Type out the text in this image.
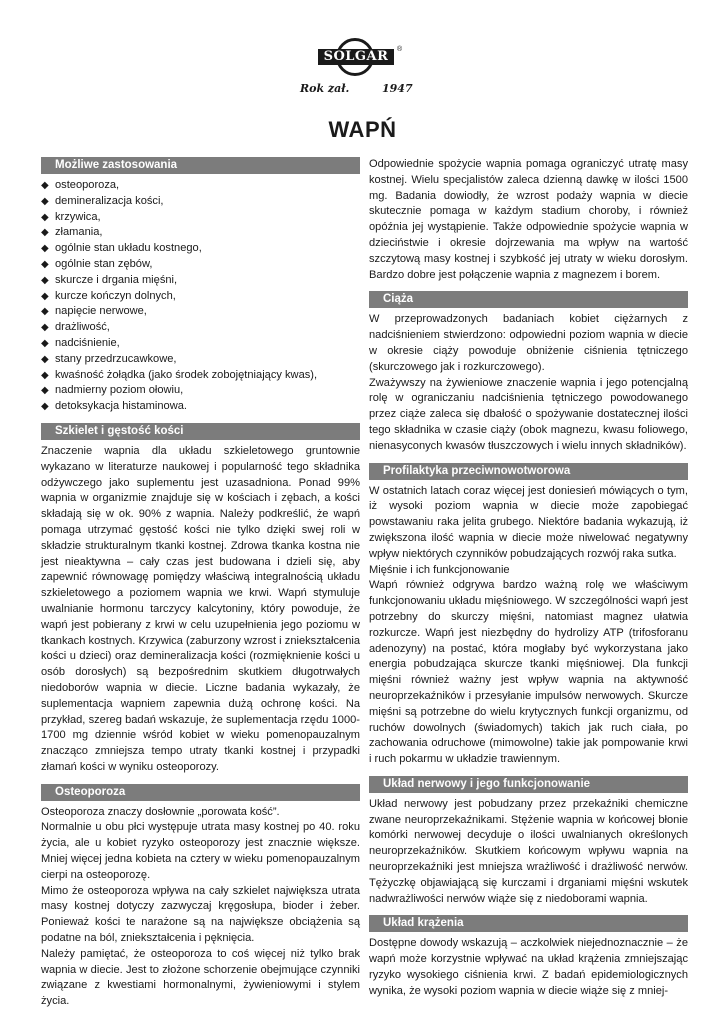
SOLGAR	®
Rok zał.	1947
WAPŃ
Możliwe zastosowania
◆ osteoporoza,
◆ demineralizacja kości,
◆ krzywica,
◆ złamania,
◆ ogólnie stan układu kostnego,
◆ ogólnie stan zębów,
◆ skurcze i drgania mięśni,
◆ kurcze kończyn dolnych,
◆ napięcie nerwowe,
◆ drażliwość,
◆ nadciśnienie,
◆ stany przedrzucawkowe,
◆ kwaśność żołądka (jako środek zobojętniający kwas),
◆ nadmierny poziom ołowiu,
◆ detoksykacja histaminowa.
Szkielet i gęstość kości

Znaczenie wapnia dla układu szkieletowego gruntownie wykazano w literaturze naukowej i popularność tego składnika odżywczego jako suplementu jest uzasadniona. Ponad 99% wapnia w organizmie znajduje się w kościach i zębach, a kości składają się w ok. 90% z wapnia. Należy podkreślić, że wapń pomaga utrzymać gęstość kości nie tylko dzięki swej roli w składzie strukturalnym tkanki kostnej. Zdrowa tkanka kostna nie jest nieaktywna – cały czas jest budowana i dzieli się, aby zapewnić równowagę pomiędzy właściwą integralnością układu szkieletowego a poziomem wapnia we krwi. Wapń stymuluje uwalnianie hormonu tarczycy kalcytoniny, który powoduje, że wapń jest pobierany z krwi w celu uzupełnienia jego poziomu w tkankach kostnych. Krzywica (zaburzony wzrost i zniekształcenia kości u dzieci) oraz demineralizacja kości (rozmięknienie kości u osób dorosłych) są bezpośrednim skutkiem długotrwałych niedoborów wapnia w diecie. Liczne badania wykazały, że suplementacja wapniem zapewnia dużą ochronę kości. Na przykład, szereg badań wskazuje, że suplementacja rzędu 1000-1700 mg dziennie wśród kobiet w wieku pomenopauzalnym znacząco zmniejsza tempo utraty tkanki kostnej i przypadki złamań kości w wyniku osteoporozy.

Osteoporoza

Osteoporoza znaczy dosłownie „porowata kość”.

Normalnie u obu płci występuje utrata masy kostnej po 40. roku życia, ale u kobiet ryzyko osteoporozy jest znacznie większe. Mniej więcej jedna kobieta na cztery w wieku pomenopauzalnym cierpi na osteoporozę.

Mimo że osteoporoza wpływa na cały szkielet największa utrata masy kostnej dotyczy zazwyczaj kręgosłupa, bioder i żeber. Ponieważ kości te narażone są na największe obciążenia są podatne na ból, zniekształcenia i pęknięcia.

Należy pamiętać, że osteoporoza to coś więcej niż tylko brak wapnia w diecie. Jest to złożone schorzenie obejmujące czynniki związane z kwestiami hormonalnymi, żywieniowymi i stylem życia.

Odpowiednie spożycie wapnia pomaga ograniczyć utratę masy kostnej. Wielu specjalistów zaleca dzienną dawkę w ilości 1500 mg. Badania dowiodły, że wzrost podaży wapnia w diecie skutecznie pomaga w każdym stadium choroby, i również opóźnia jej wystąpienie. Także odpowiednie spożycie wapnia w dzieciństwie i okresie dojrzewania ma wpływ na wartość szczytową masy kostnej i szybkość jej utraty w wieku dorosłym. Bardzo dobre jest połączenie wapnia z magnezem i borem.

Ciąża

W przeprowadzonych badaniach kobiet ciężarnych z nadciśnieniem stwierdzono: odpowiedni poziom wapnia w diecie w okresie ciąży powoduje obniżenie ciśnienia tętniczego (skurczowego jak i rozkurczowego).

Zważywszy na żywieniowe znaczenie wapnia i jego potencjalną rolę w ograniczaniu nadciśnienia tętniczego powodowanego przez ciąże zaleca się dbałość o spożywanie dostatecznej ilości tego składnika w czasie ciąży (obok magnezu, kwasu foliowego, nienasyconych kwasów tłuszczowych i wielu innych składników).

Profilaktyka przeciwnowotworowa

W ostatnich latach coraz więcej jest doniesień mówiących o tym, iż wysoki poziom wapnia w diecie może zapobiegać powstawaniu raka jelita grubego. Niektóre badania wykazują, iż zwiększona ilość wapnia w diecie może niwelować negatywny wpływ niektórych czynników pobudzających rozwój raka sutka.

Mięśnie i ich funkcjonowanie

Wapń również odgrywa bardzo ważną rolę we właściwym funkcjonowaniu układu mięśniowego. W szczególności wapń jest potrzebny do skurczy mięśni, natomiast magnez ułatwia rozkurcze. Wapń jest niezbędny do hydrolizy ATP (trifosforanu adenozyny) na postać, która mogłaby być wykorzystana jako energia pobudzająca skurcze tkanki mięśniowej. Dla funkcji mięśni również ważny jest wpływ wapnia na aktywność neuroprzekaźników i przesyłanie impulsów nerwowych. Skurcze mięśni są potrzebne do wielu krytycznych funkcji organizmu, od ruchów dowolnych (świadomych) takich jak ruch ciała, po zachowania odruchowe (mimowolne) takie jak pompowanie krwi i ruch pokarmu w układzie trawiennym.

Układ nerwowy i jego funkcjonowanie

Układ nerwowy jest pobudzany przez przekaźniki chemiczne zwane neuroprzekaźnikami. Stężenie wapnia w końcowej błonie komórki nerwowej decyduje o ilości uwalnianych określonych neuroprzekaźników. Skutkiem końcowym wpływu wapnia na neuroprzekaźniki jest mniejsza wrażliwość i drażliwość nerwów. Tężyczkę objawiającą się kurczami i drganiami mięśni wskutek nadwrażliwości nerwów wiąże się z niedoborami wapnia.

Układ krążenia

Dostępne dowody wskazują – aczkolwiek niejednoznacznie – że wapń może korzystnie wpływać na układ krążenia zmniejszając ryzyko wysokiego ciśnienia krwi. Z badań epidemiologicznych wynika, że wysoki poziom wapnia w diecie wiąże się z mniej-
